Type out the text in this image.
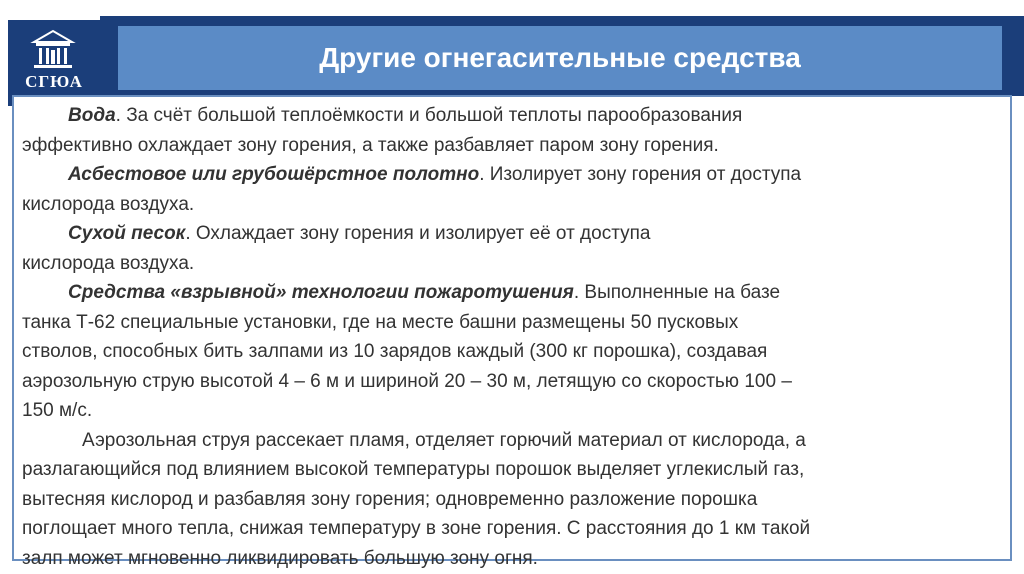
СГЮА
Другие огнегасительные средства

Вода. За счёт большой теплоёмкости и большой теплоты парообразования

эффективно охлаждает зону горения, а также разбавляет паром зону горения.

Асбестовое или грубошёрстное полотно. Изолирует зону горения от доступа

кислорода воздуха.

Сухой песок. Охлаждает зону горения и изолирует её от доступа

кислорода воздуха.

Средства «взрывной» технологии пожаротушения. Выполненные на базе

танка Т-62 специальные установки, где на месте башни размещены 50 пусковых

стволов, способных бить залпами из 10 зарядов каждый (300 кг порошка), создавая

аэрозольную струю высотой 4 – 6 м и шириной 20 – 30 м, летящую со скоростью 100 –

150 м/с.

Аэрозольная струя рассекает пламя, отделяет горючий материал от кислорода, а

разлагающийся под влиянием высокой температуры порошок выделяет углекислый газ,

вытесняя кислород и разбавляя зону горения; одновременно разложение порошка

поглощает много тепла, снижая температуру в зоне горения. С расстояния до 1 км такой

залп может мгновенно ликвидировать большую зону огня.
